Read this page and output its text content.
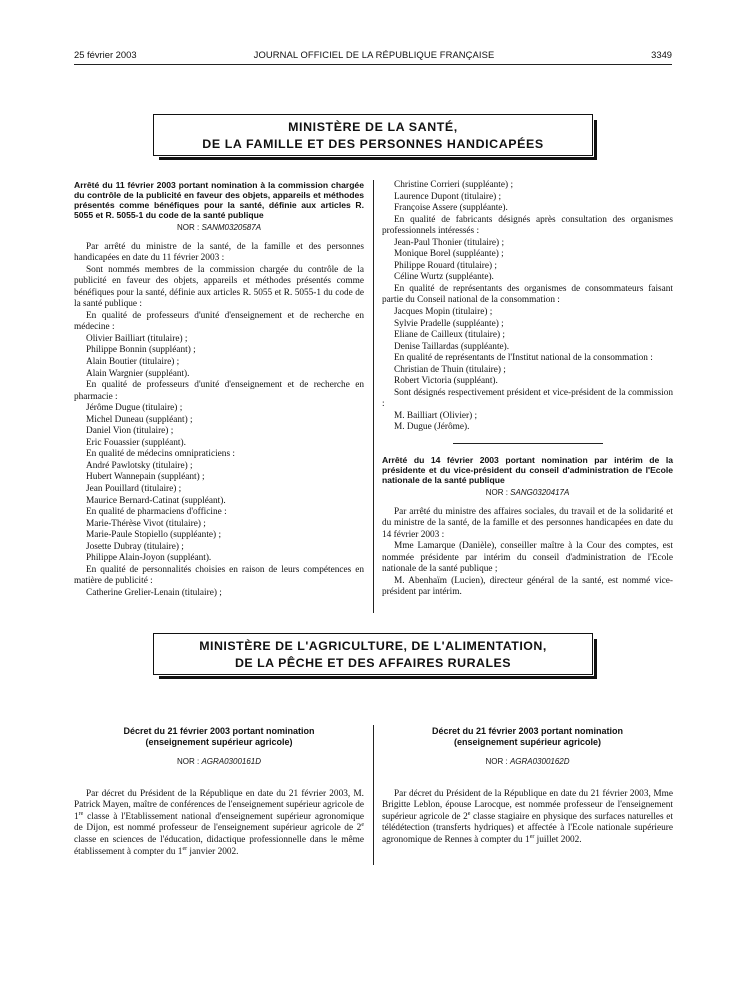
25 février 2003	JOURNAL OFFICIEL DE LA RÉPUBLIQUE FRANÇAISE	3349
MINISTÈRE DE LA SANTÉ,
DE LA FAMILLE ET DES PERSONNES HANDICAPÉES

Arrêté du 11 février 2003 portant nomination à la commission chargée du contrôle de la publicité en faveur des objets, appareils et méthodes présentés comme bénéfiques pour la santé, définie aux articles R. 5055 et R. 5055-1 du code de la santé publique

NOR : SANM0320587A

Par arrêté du ministre de la santé, de la famille et des personnes handicapées en date du 11 février 2003 :

Sont nommés membres de la commission chargée du contrôle de la publicité en faveur des objets, appareils et méthodes présentés comme bénéfiques pour la santé, définie aux articles R. 5055 et R. 5055-1 du code de la santé publique :

En qualité de professeurs d'unité d'enseignement et de recherche en médecine :

Olivier Bailliart (titulaire) ;

Philippe Bonnin (suppléant) ;

Alain Boutier (titulaire) ;

Alain Wargnier (suppléant).

En qualité de professeurs d'unité d'enseignement et de recherche en pharmacie :

Jérôme Dugue (titulaire) ;

Michel Duneau (suppléant) ;

Daniel Vion (titulaire) ;

Eric Fouassier (suppléant).

En qualité de médecins omnipraticiens :

André Pawlotsky (titulaire) ;

Hubert Wannepain (suppléant) ;

Jean Pouillard (titulaire) ;

Maurice Bernard-Catinat (suppléant).

En qualité de pharmaciens d'officine :

Marie-Thérèse Vivot (titulaire) ;

Marie-Paule Stopiello (suppléante) ;

Josette Dubray (titulaire) ;

Philippe Alain-Joyon (suppléant).

En qualité de personnalités choisies en raison de leurs compétences en matière de publicité :

Catherine Grelier-Lenain (titulaire) ;

Christine Corrieri (suppléante) ;

Laurence Dupont (titulaire) ;

Françoise Assere (suppléante).

En qualité de fabricants désignés après consultation des organismes professionnels intéressés :

Jean-Paul Thonier (titulaire) ;

Monique Borel (suppléante) ;

Philippe Rouard (titulaire) ;

Céline Wurtz (suppléante).

En qualité de représentants des organismes de consommateurs faisant partie du Conseil national de la consommation :

Jacques Mopin (titulaire) ;

Sylvie Pradelle (suppléante) ;

Eliane de Cailleux (titulaire) ;

Denise Taillardas (suppléante).

En qualité de représentants de l'Institut national de la consommation :

Christian de Thuin (titulaire) ;

Robert Victoria (suppléant).

Sont désignés respectivement président et vice-président de la commission :

M. Bailliart (Olivier) ;

M. Dugue (Jérôme).

Arrêté du 14 février 2003 portant nomination par intérim de la présidente et du vice-président du conseil d'administration de l'Ecole nationale de la santé publique

NOR : SANG0320417A

Par arrêté du ministre des affaires sociales, du travail et de la solidarité et du ministre de la santé, de la famille et des personnes handicapées en date du 14 février 2003 :

Mme Lamarque (Danièle), conseiller maître à la Cour des comptes, est nommée présidente par intérim du conseil d'administration de l'Ecole nationale de la santé publique ;

M. Abenhaïm (Lucien), directeur général de la santé, est nommé vice-président par intérim.

MINISTÈRE DE L'AGRICULTURE, DE L'ALIMENTATION,
DE LA PÊCHE ET DES AFFAIRES RURALES

Décret du 21 février 2003 portant nomination

(enseignement supérieur agricole)

NOR : AGRA0300161D

Par décret du Président de la République en date du 21 février 2003, M. Patrick Mayen, maître de conférences de l'enseignement supérieur agricole de 1re classe à l'Etablissement national d'enseignement supérieur agronomique de Dijon, est nommé professeur de l'enseignement supérieur agricole de 2e classe en sciences de l'éducation, didactique professionnelle dans le même établissement à compter du 1er janvier 2002.

Décret du 21 février 2003 portant nomination

(enseignement supérieur agricole)

NOR : AGRA0300162D

Par décret du Président de la République en date du 21 février 2003, Mme Brigitte Leblon, épouse Larocque, est nommée professeur de l'enseignement supérieur agricole de 2e classe stagiaire en physique des surfaces naturelles et télédétection (transferts hydriques) et affectée à l'Ecole nationale supérieure agronomique de Rennes à compter du 1er juillet 2002.
